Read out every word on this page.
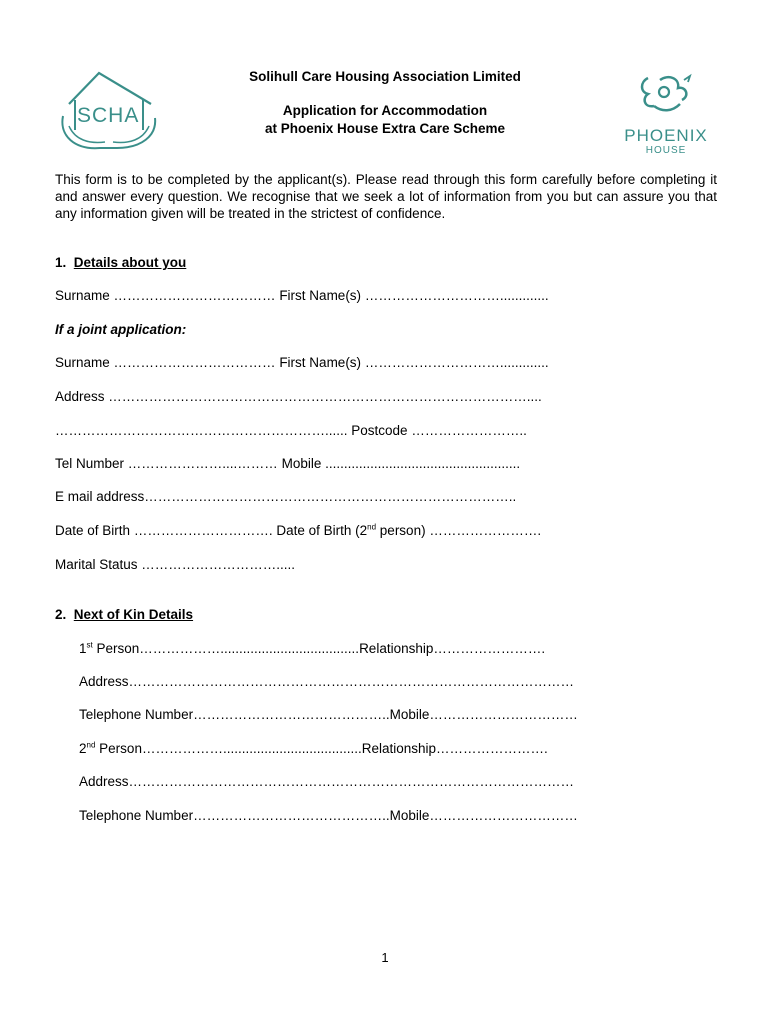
SCHA
PHOENIX
HOUSE
Solihull Care Housing Association Limited
Application for Accommodation
at Phoenix House Extra Care Scheme
This form is to be completed by the applicant(s). Please read through this form carefully before completing it and answer every question. We recognise that we seek a lot of information from you but can assure you that any information given will be treated in the strictest of confidence.
1. Details about you
Surname ……………………………… First Name(s) ………………………….............
If a joint application:
Surname ……………………………… First Name(s) ………………………….............
Address …………………………………………………………………………………....
……………………………………………………...... Postcode ……………………..
Tel Number …………………....……… Mobile ....................................................
E mail address………………………………………………………………………..
Date of Birth …………………………. Date of Birth (2nd person) …………………….
Marital Status ………………………….....
2. Next of Kin Details
1st Person……………….....................................Relationship…………………….
Address………………………………………………………………………………………
Telephone Number……………………………………..Mobile……………………………
2nd Person……………….....................................Relationship…………………….
Address………………………………………………………………………………………
Telephone Number……………………………………..Mobile……………………………
1
